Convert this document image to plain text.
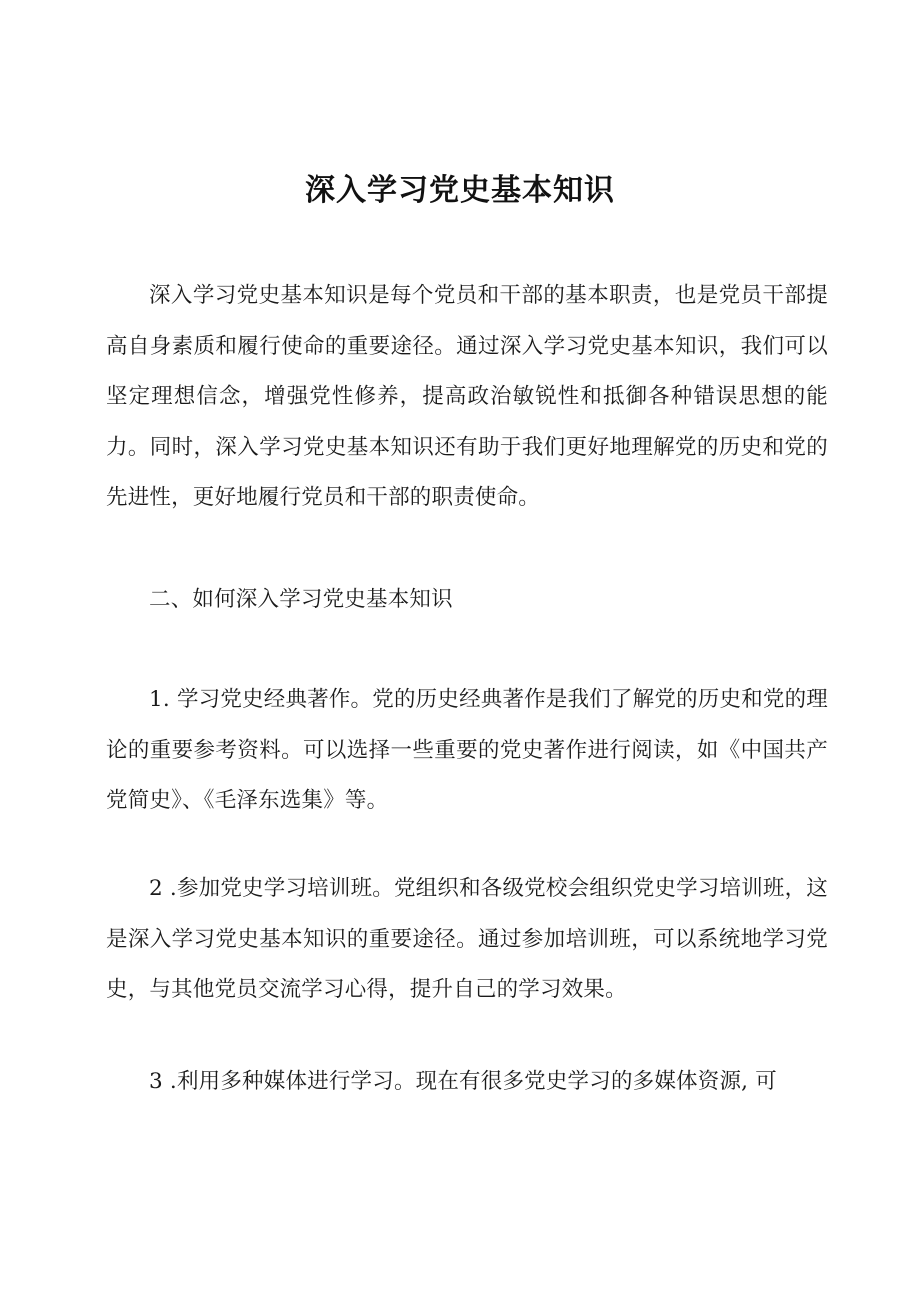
深入学习党史基本知识

深入学习党史基本知识是每个党员和干部的基本职责，也是党员干部提高自身素质和履行使命的重要途径。通过深入学习党史基本知识，我们可以坚定理想信念，增强党性修养，提高政治敏锐性和抵御各种错误思想的能力。同时，深入学习党史基本知识还有助于我们更好地理解党的历史和党的先进性，更好地履行党员和干部的职责使命。

二、如何深入学习党史基本知识

1. 学习党史经典著作。党的历史经典著作是我们了解党的历史和党的理论的重要参考资料。可以选择一些重要的党史著作进行阅读，如《中国共产党简史》、《毛泽东选集》等。

2 .参加党史学习培训班。党组织和各级党校会组织党史学习培训班，这是深入学习党史基本知识的重要途径。通过参加培训班，可以系统地学习党史，与其他党员交流学习心得，提升自己的学习效果。

3 .利用多种媒体进行学习。现在有很多党史学习的多媒体资源, 可
